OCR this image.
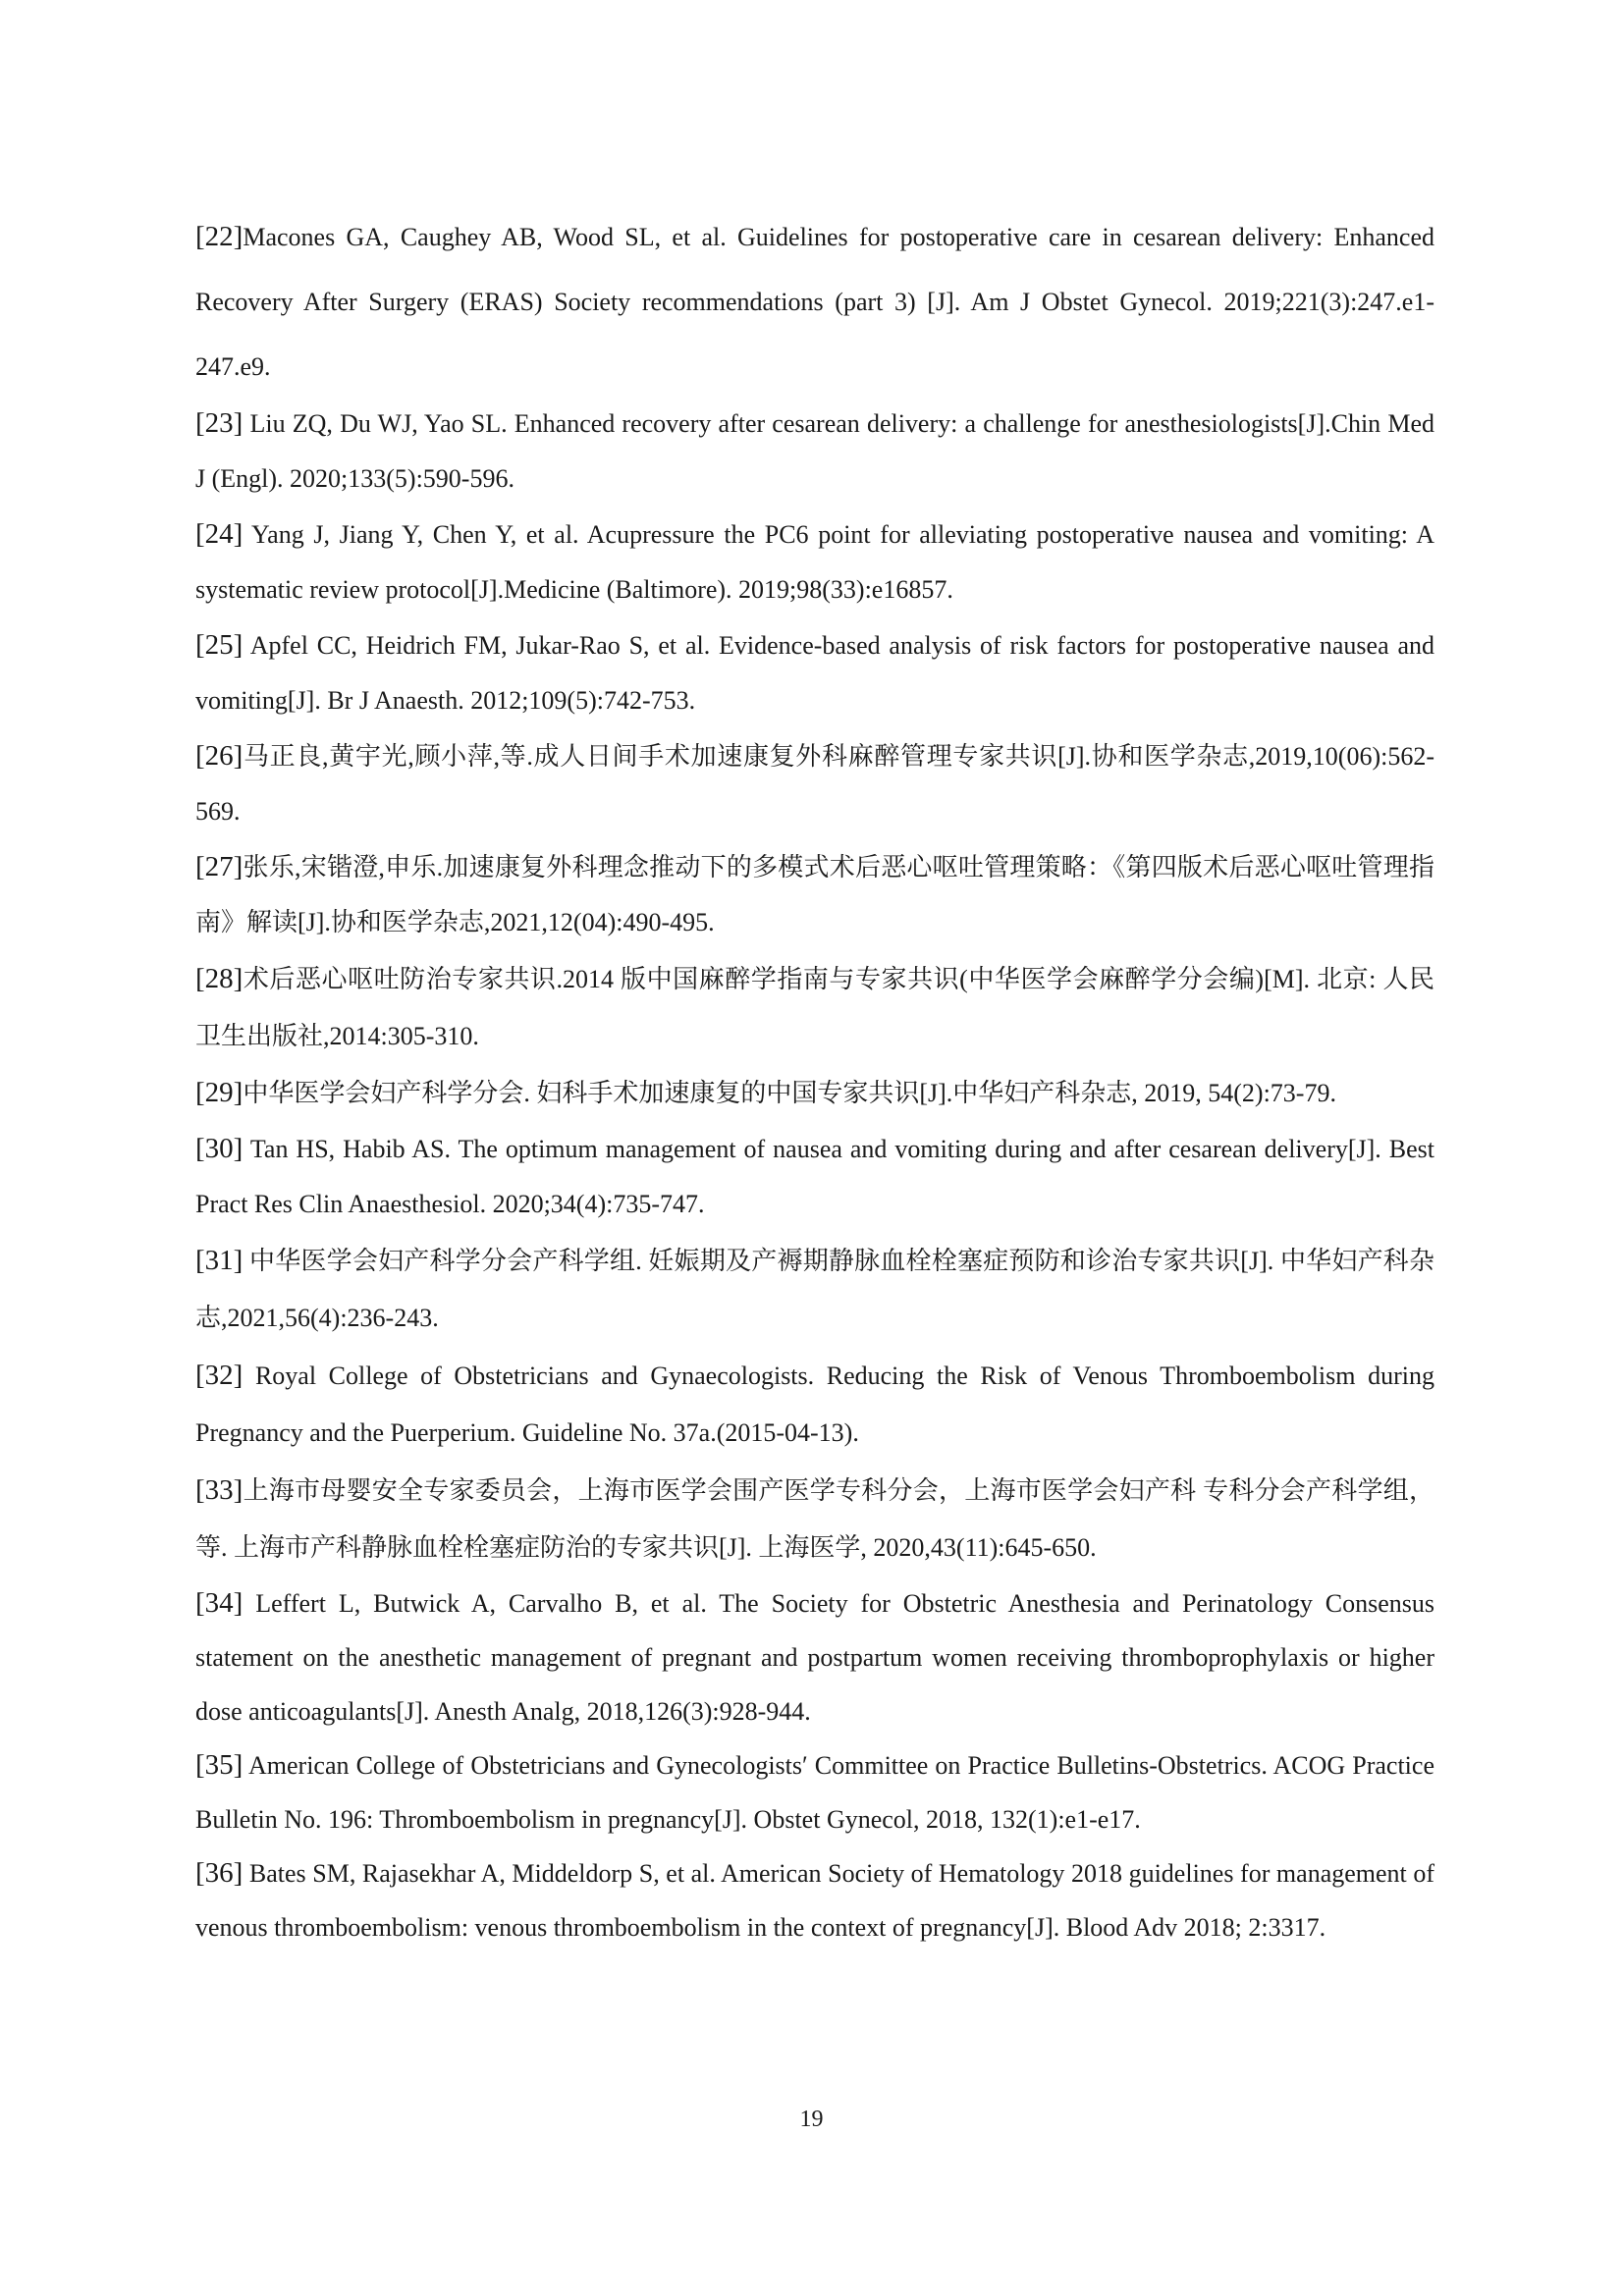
[22]Macones GA, Caughey AB, Wood SL, et al. Guidelines for postoperative care in cesarean delivery: Enhanced Recovery After Surgery (ERAS) Society recommendations (part 3) [J]. Am J Obstet Gynecol. 2019;221(3):247.e1-247.e9.
[23] Liu ZQ, Du WJ, Yao SL. Enhanced recovery after cesarean delivery: a challenge for anesthesiologists[J].Chin Med J (Engl). 2020;133(5):590-596.
[24] Yang J, Jiang Y, Chen Y, et al. Acupressure the PC6 point for alleviating postoperative nausea and vomiting: A systematic review protocol[J].Medicine (Baltimore). 2019;98(33):e16857.
[25] Apfel CC, Heidrich FM, Jukar-Rao S, et al. Evidence-based analysis of risk factors for postoperative nausea and vomiting[J]. Br J Anaesth. 2012;109(5):742-753.
[26]马正良,黄宇光,顾小萍,等.成人日间手术加速康复外科麻醉管理专家共识[J].协和医学杂志,2019,10(06):562-569.
[27]张乐,宋锴澄,申乐.加速康复外科理念推动下的多模式术后恶心呕吐管理策略：《第四版术后恶心呕吐管理指南》解读[J].协和医学杂志,2021,12(04):490-495.
[28]术后恶心呕吐防治专家共识.2014 版中国麻醉学指南与专家共识(中华医学会麻醉学分会编)[M]. 北京: 人民卫生出版社,2014:305-310.
[29]中华医学会妇产科学分会. 妇科手术加速康复的中国专家共识[J].中华妇产科杂志, 2019, 54(2):73-79.
[30] Tan HS, Habib AS. The optimum management of nausea and vomiting during and after cesarean delivery[J]. Best Pract Res Clin Anaesthesiol. 2020;34(4):735-747.
[31] 中华医学会妇产科学分会产科学组. 妊娠期及产褥期静脉血栓栓塞症预防和诊治专家共识[J]. 中华妇产科杂志,2021,56(4):236-243.
[32] Royal College of Obstetricians and Gynaecologists. Reducing the Risk of Venous Thromboembolism during Pregnancy and the Puerperium. Guideline No. 37a.(2015-04-13).
[33]上海市母婴安全专家委员会，上海市医学会围产医学专科分会，上海市医学会妇产科 专科分会产科学组，等. 上海市产科静脉血栓栓塞症防治的专家共识[J]. 上海医学, 2020,43(11):645-650.
[34] Leffert L, Butwick A, Carvalho B, et al. The Society for Obstetric Anesthesia and Perinatology Consensus statement on the anesthetic management of pregnant and postpartum women receiving thromboprophylaxis or higher dose anticoagulants[J]. Anesth Analg, 2018,126(3):928‑944.
[35] American College of Obstetricians and Gynecologists′ Committee on Practice Bulletins-Obstetrics. ACOG Practice Bulletin No. 196: Thromboembolism in pregnancy[J]. Obstet Gynecol, 2018, 132(1):e1‑e17.
[36] Bates SM, Rajasekhar A, Middeldorp S, et al. American Society of Hematology 2018 guidelines for management of venous thromboembolism: venous thromboembolism in the context of pregnancy[J]. Blood Adv 2018; 2:3317.

19
